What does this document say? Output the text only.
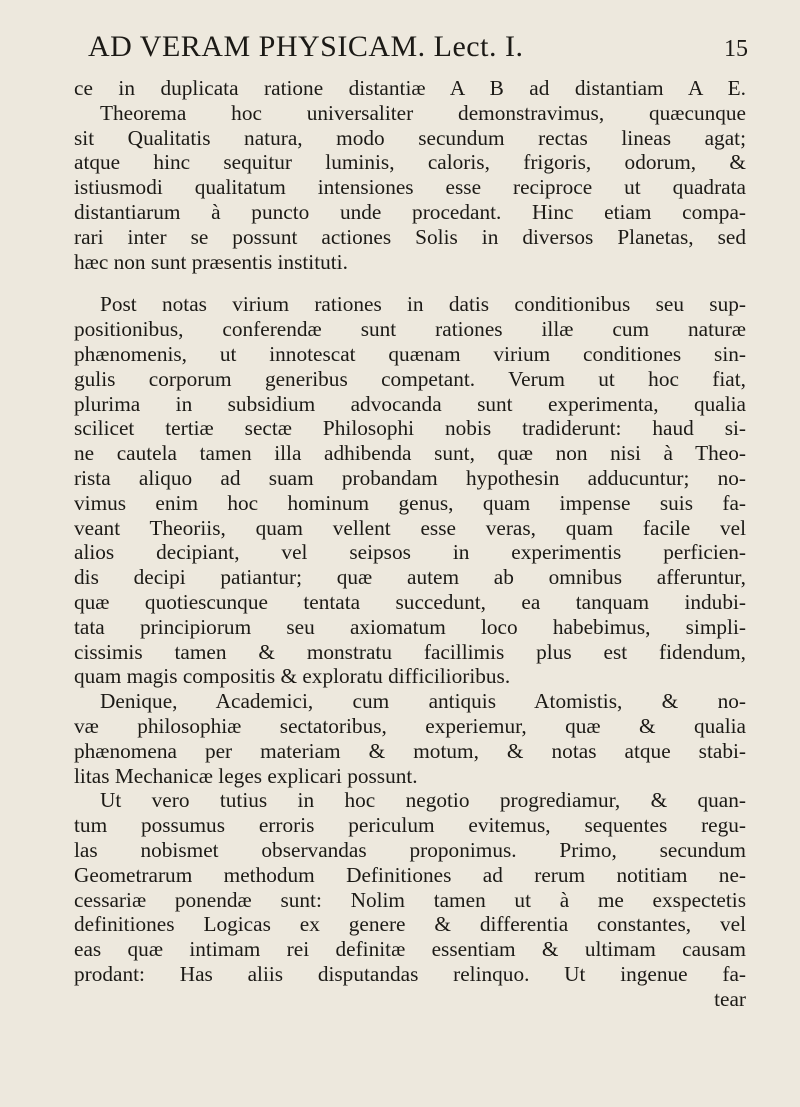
AD VERAM PHYSICAM. Lect. I.	15
ce in duplicata ratione distantiæ A B ad distantiam A E.
Theorema hoc universaliter demonstravimus, quæcunque
sit Qualitatis natura, modo secundum rectas lineas agat;
atque hinc sequitur luminis, caloris, frigoris, odorum, &
istiusmodi qualitatum intensiones esse reciproce ut quadrata
distantiarum à puncto unde procedant. Hinc etiam compa-
rari inter se possunt actiones Solis in diversos Planetas, sed
hæc non sunt præsentis instituti.
Post notas virium rationes in datis conditionibus seu sup-
positionibus, conferendæ sunt rationes illæ cum naturæ
phænomenis, ut innotescat quænam virium conditiones sin-
gulis corporum generibus competant. Verum ut hoc fiat,
plurima in subsidium advocanda sunt experimenta, qualia
scilicet tertiæ sectæ Philosophi nobis tradiderunt: haud si-
ne cautela tamen illa adhibenda sunt, quæ non nisi à Theo-
rista aliquo ad suam probandam hypothesin adducuntur; no-
vimus enim hoc hominum genus, quam impense suis fa-
veant Theoriis, quam vellent esse veras, quam facile vel
alios decipiant, vel seipsos in experimentis perficien-
dis decipi patiantur; quæ autem ab omnibus afferuntur,
quæ quotiescunque tentata succedunt, ea tanquam indubi-
tata principiorum seu axiomatum loco habebimus, simpli-
cissimis tamen & monstratu facillimis plus est fidendum,
quam magis compositis & exploratu difficilioribus.
Denique, Academici, cum antiquis Atomistis, & no-
væ philosophiæ sectatoribus, experiemur, quæ & qualia
phænomena per materiam & motum, & notas atque stabi-
litas Mechanicæ leges explicari possunt.
Ut vero tutius in hoc negotio progrediamur, & quan-
tum possumus erroris periculum evitemus, sequentes regu-
las nobismet observandas proponimus. Primo, secundum
Geometrarum methodum Definitiones ad rerum notitiam ne-
cessariæ ponendæ sunt: Nolim tamen ut à me exspectetis
definitiones Logicas ex genere & differentia constantes, vel
eas quæ intimam rei definitæ essentiam & ultimam causam
prodant: Has aliis disputandas relinquo. Ut ingenue fa-
tear
